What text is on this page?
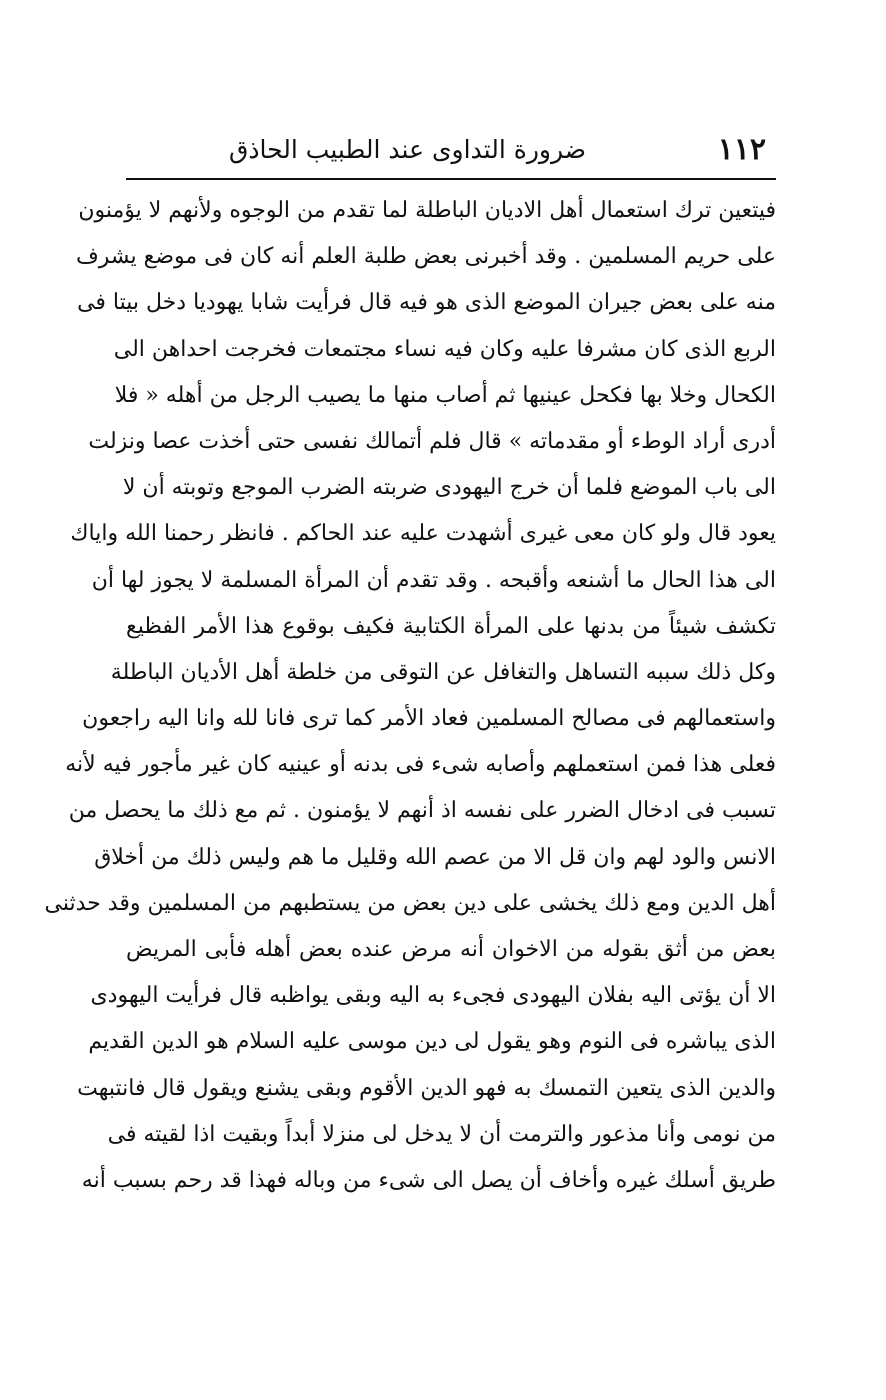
١١٢
ضرورة التداوى عند الطبيب الحاذق
فيتعين ترك استعمال أهل الاديان الباطلة لما تقدم من الوجوه ولأنهم لا يؤمنون
على حريم المسلمين . وقد أخبرنى بعض طلبة العلم أنه كان فى موضع يشرف
منه على بعض جيران الموضع الذى هو فيه قال فرأيت شابا يهوديا دخل بيتا فى
الربع الذى كان مشرفا عليه وكان فيه نساء مجتمعات فخرجت احداهن الى
الكحال وخلا بها فكحل عينيها ثم أصاب منها ما يصيب الرجل من أهله « فلا
أدرى أراد الوطء أو مقدماته » قال فلم أتمالك نفسى حتى أخذت عصا ونزلت
الى باب الموضع فلما أن خرج اليهودى ضربته الضرب الموجع وتوبته أن لا
يعود قال ولو كان معى غيرى أشهدت عليه عند الحاكم . فانظر رحمنا الله واياك
الى هذا الحال ما أشنعه وأقبحه . وقد تقدم أن المرأة المسلمة لا يجوز لها أن
تكشف شيئاً من بدنها على المرأة الكتابية فكيف بوقوع هذا الأمر الفظيع
وكل ذلك سببه التساهل والتغافل عن التوقى من خلطة أهل الأديان الباطلة
واستعمالهم فى مصالح المسلمين فعاد الأمر كما ترى فانا لله وانا اليه راجعون
فعلى هذا فمن استعملهم وأصابه شىء فى بدنه أو عينيه كان غير مأجور فيه لأنه
تسبب فى ادخال الضرر على نفسه اذ أنهم لا يؤمنون . ثم مع ذلك ما يحصل من
الانس والود لهم وان قل الا من عصم الله وقليل ما هم وليس ذلك من أخلاق
أهل الدين ومع ذلك يخشى على دين بعض من يستطبهم من المسلمين وقد حدثنى
بعض من أثق بقوله من الاخوان أنه مرض عنده بعض أهله فأبى المريض
الا أن يؤتى اليه بفلان اليهودى فجىء به اليه وبقى يواظبه قال فرأيت اليهودى
الذى يباشره فى النوم وهو يقول لى دين موسى عليه السلام هو الدين القديم
والدين الذى يتعين التمسك به فهو الدين الأقوم وبقى يشنع ويقول قال فانتبهت
من نومى وأنا مذعور والترمت أن لا يدخل لى منزلا أبداً وبقيت اذا لقيته فى
طريق أسلك غيره وأخاف أن يصل الى شىء من وباله فهذا قد رحم بسبب أنه
